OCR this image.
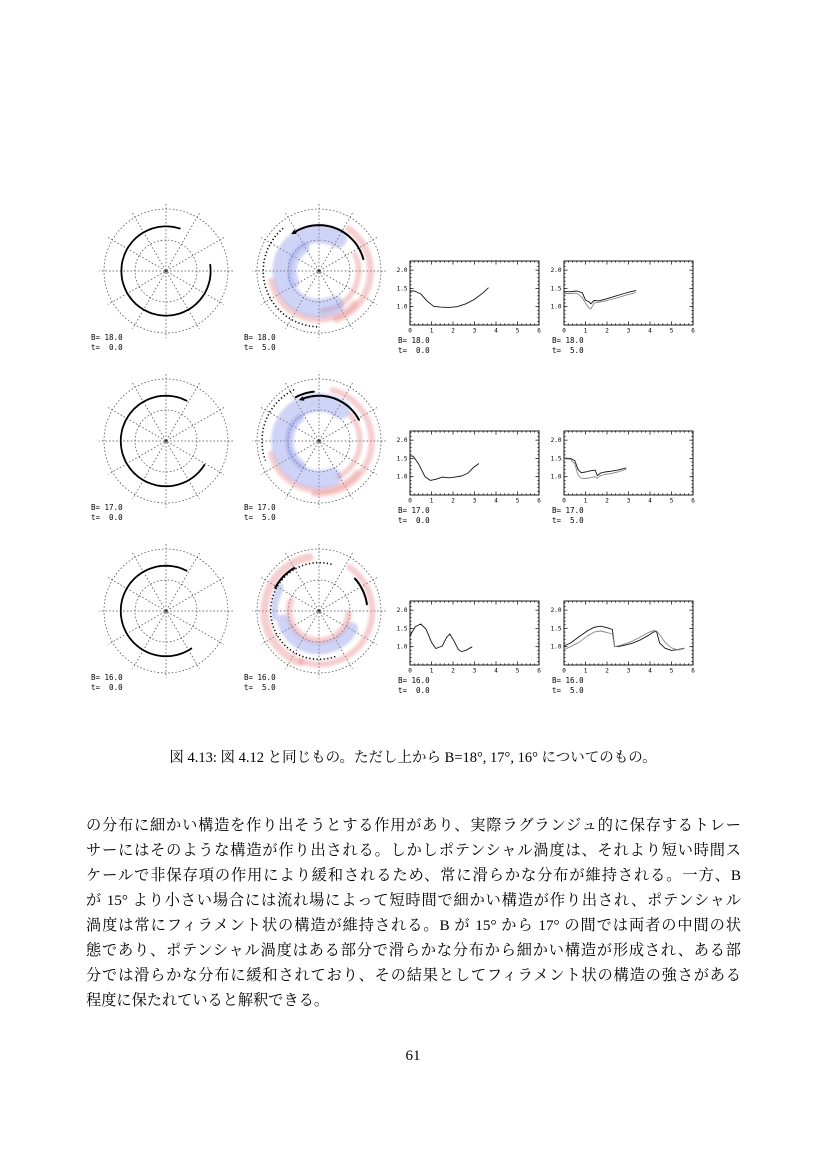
B= 18.0
t=  0.0
B= 18.0
t=  5.0
0	1	2	3	4	5	6
1.0
1.5
2.0
B= 18.0
t=  0.0
0	1	2	3	4	5	6
1.0
1.5
2.0
B= 18.0
t=  5.0
B= 17.0
t=  0.0
B= 17.0
t=  5.0
0	1	2	3	4	5	6
1.0
1.5
2.0
B= 17.0
t=  0.0
0	1	2	3	4	5	6
1.0
1.5
2.0
B= 17.0
t=  5.0
B= 16.0
t=  0.0
B= 16.0
t=  5.0
0	1	2	3	4	5	6
1.0
1.5
2.0
B= 16.0
t=  0.0
0	1	2	3	4	5	6
1.0
1.5
2.0
B= 16.0
t=  5.0
図 4.13: 図 4.12 と同じもの。ただし上から B=18°, 17°, 16° についてのもの。
の分布に細かい構造を作り出そうとする作用があり、実際ラグランジュ的に保存するトレー
サーにはそのような構造が作り出される。しかしポテンシャル渦度は、それより短い時間ス
ケールで非保存項の作用により緩和されるため、常に滑らかな分布が維持される。一方、B
が 15° より小さい場合には流れ場によって短時間で細かい構造が作り出され、ポテンシャル
渦度は常にフィラメント状の構造が維持される。B が 15° から 17° の間では両者の中間の状
態であり、ポテンシャル渦度はある部分で滑らかな分布から細かい構造が形成され、ある部
分では滑らかな分布に緩和されており、その結果としてフィラメント状の構造の強さがある
程度に保たれていると解釈できる。
61
